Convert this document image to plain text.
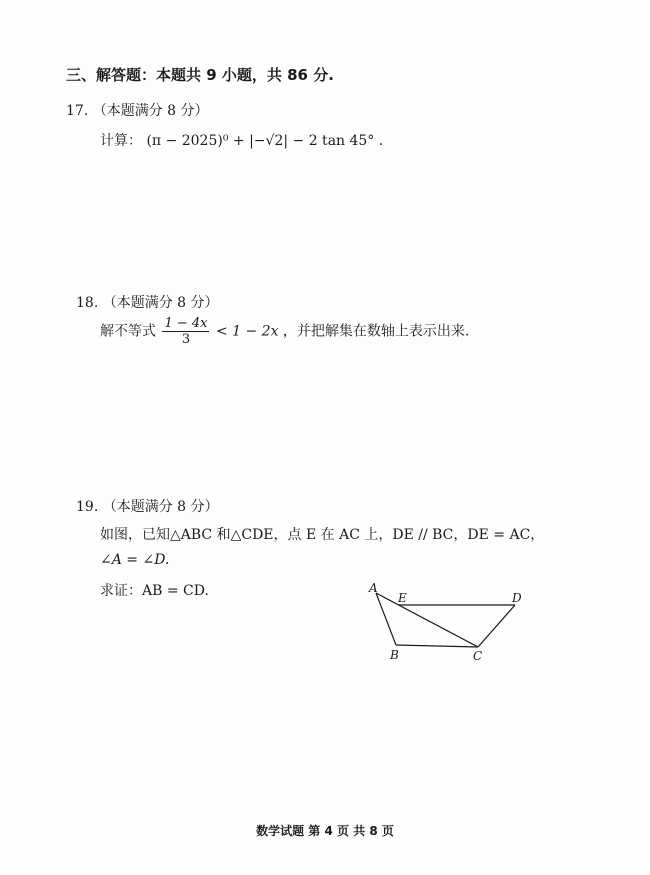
三、解答题：本题共 9 小题，共 86 分.
17. （本题满分 8 分）
计算： (π − 2025)⁰ + |−√2| − 2 tan 45° .
18. （本题满分 8 分）
解不等式 $\frac{1 - 4x}{3} < 1 - 2x$ ，并把解集在数轴上表示出来.
19. （本题满分 8 分）
如图，已知△ABC 和△CDE，点 E 在 AC 上，DE // BC，DE = AC，
∠A = ∠D.
求证：AB = CD.	A
E	D
B	C
数学试题 第 4 页 共 8 页
